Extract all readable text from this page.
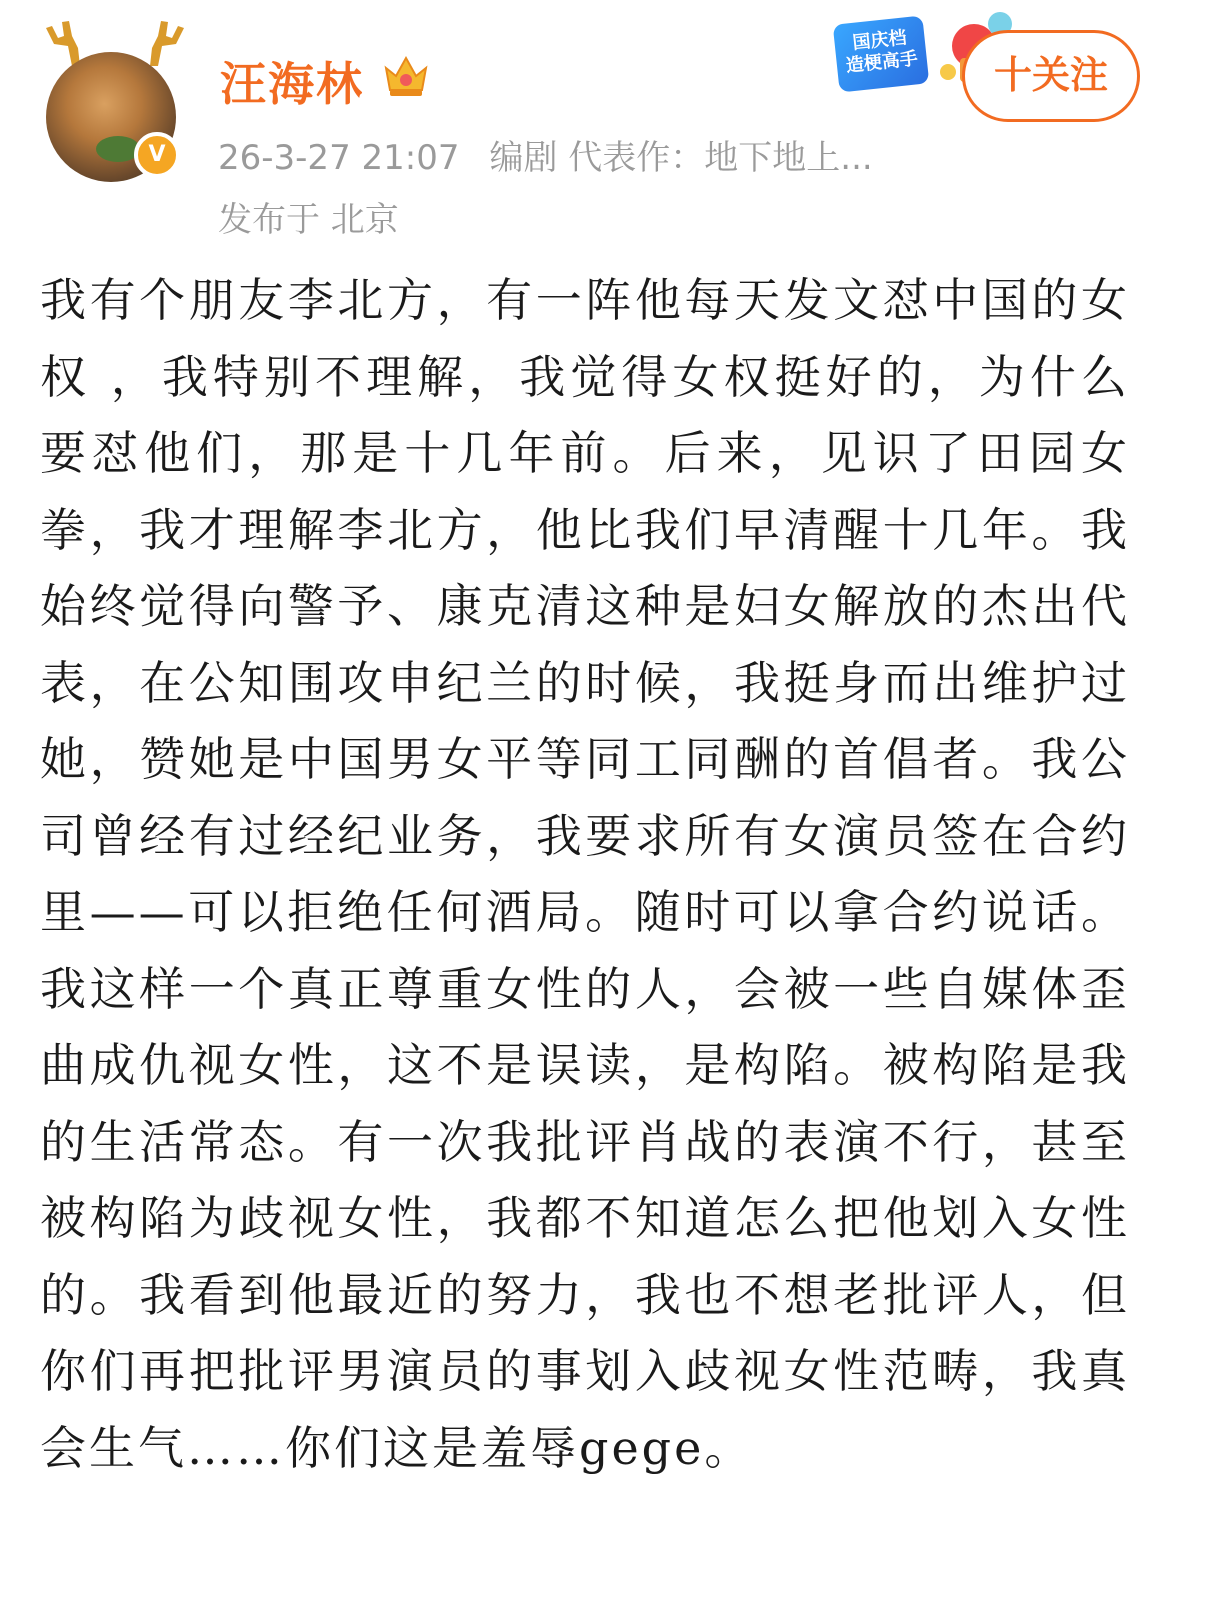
V
汪海林
26-3-27 21:07 编剧 代表作：地下地上...
发布于 北京
国庆档
造梗高手	十关注
我有个朋友李北方，有一阵他每天发文怼中国的女权 ，我特别不理解，我觉得女权挺好的，为什么要怼他们，那是十几年前。后来，见识了田园女拳，我才理解李北方，他比我们早清醒十几年。我始终觉得向警予、康克清这种是妇女解放的杰出代表，在公知围攻申纪兰的时候，我挺身而出维护过她，赞她是中国男女平等同工同酬的首倡者。我公司曾经有过经纪业务，我要求所有女演员签在合约里——可以拒绝任何酒局。随时可以拿合约说话。我这样一个真正尊重女性的人，会被一些自媒体歪曲成仇视女性，这不是误读，是构陷。被构陷是我的生活常态。有一次我批评肖战的表演不行，甚至被构陷为歧视女性，我都不知道怎么把他划入女性的。我看到他最近的努力，我也不想老批评人，但你们再把批评男演员的事划入歧视女性范畴，我真会生气……你们这是羞辱gege。
